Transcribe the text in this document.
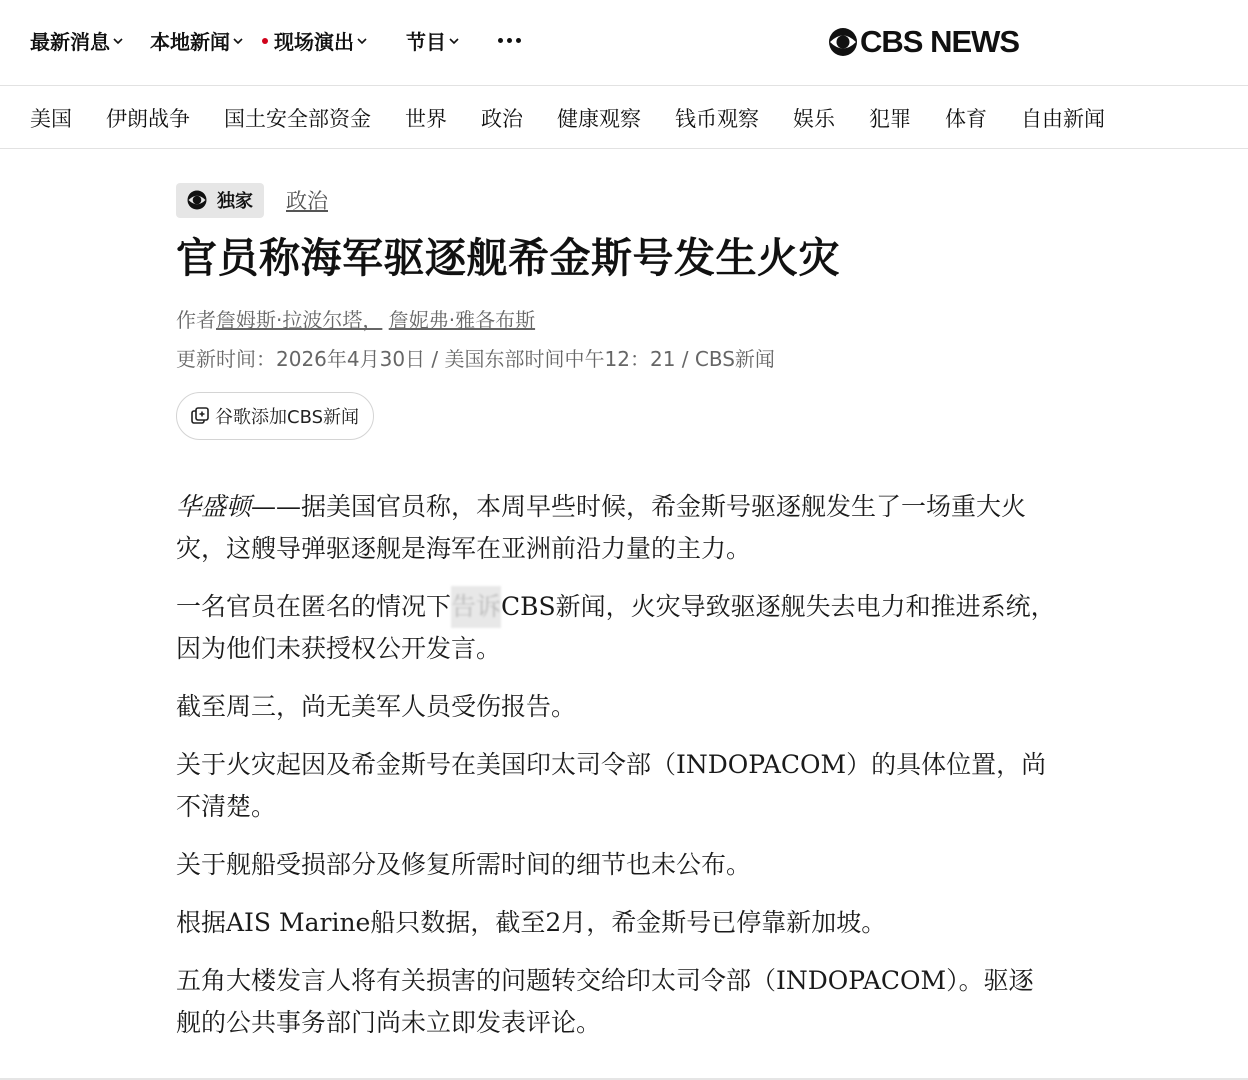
最新消息 本地新闻 现场演出	节目	CBS NEWS
美国 伊朗战争 国土安全部资金 世界 政治 健康观察 钱币观察 娱乐 犯罪 体育 自由新闻
独家 政治
官员称海军驱逐舰希金斯号发生火灾
作者詹姆斯·拉波尔塔， 詹妮弗·雅各布斯
更新时间：2026年4月30日 / 美国东部时间中午12：21 / CBS新闻
谷歌添加CBS新闻

华盛顿——据美国官员称，本周早些时候，希金斯号驱逐舰发生了一场重大火灾，这艘导弹驱逐舰是海军在亚洲前沿力量的主力。

一名官员在匿名的情况下告诉CBS新闻，火灾导致驱逐舰失去电力和推进系统，因为他们未获授权公开发言。

截至周三，尚无美军人员受伤报告。

关于火灾起因及希金斯号在美国印太司令部（INDOPACOM）的具体位置，尚不清楚。

关于舰船受损部分及修复所需时间的细节也未公布。

根据AIS Marine船只数据，截至2月，希金斯号已停靠新加坡。

五角大楼发言人将有关损害的问题转交给印太司令部（INDOPACOM）。驱逐舰的公共事务部门尚未立即发表评论。
